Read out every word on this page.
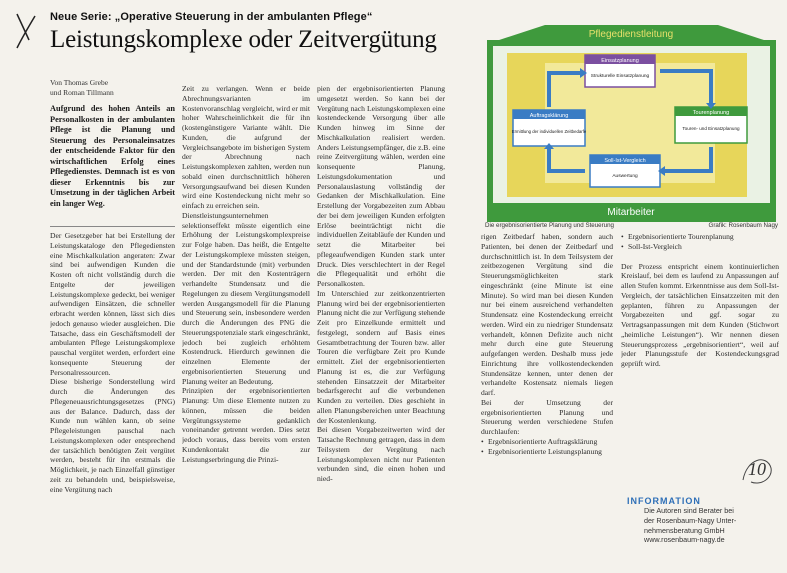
Neue Serie: „Operative Steuerung in der ambulanten Pflege“
Leistungskomplexe oder Zeitvergütung
Von Thomas Grebe
und Roman Tillmann
Aufgrund des hohen Anteils an Personalkosten in der ambulanten Pflege ist die Planung und Steuerung des Personaleinsatzes der entscheidende Faktor für den wirtschaftlichen Erfolg eines Pflegedienstes. Demnach ist es von dieser Erkenntnis bis zur Umsetzung in der täglichen Arbeit ein langer Weg.

Der Gesetzgeber hat bei Erstellung der Leistungskataloge den Pflegediensten eine Mischkalkulation angeraten: Zwar sind bei aufwendigen Kunden die Kosten oft nicht vollständig durch die Entgelte der jeweiligen Leistungskomplexe gedeckt, bei weniger aufwendigen Einsätzen, die schneller erbracht werden können, lässt sich dies jedoch genauso wieder ausgleichen. Die Tatsache, dass ein Geschäftsmodell der ambulanten Pflege Leistungskomplexe pauschal vergütet werden, erfordert eine konsequente Steuerung der Personalressourcen.

Diese bisherige Sonderstellung wird durch die Änderungen des Pflegeneuausrichtungsgesetzes (PNG) aus der Balance. Dadurch, dass der Kunde nun wählen kann, ob seine Pflegeleistungen pauschal nach Leistungskomplexen oder entsprechend der tatsächlich benötigten Zeit vergütet werden, besteht für ihn erstmals die Möglichkeit, je nach Einzelfall günstiger zeit zu behandeln und, beispielsweise, eine Vergütung nach

Zeit zu verlangen. Wenn er beide Abrechnungsvarianten im Kostenvoranschlag vergleicht, wird er mit hoher Wahrscheinlichkeit die für ihn (kostengünstigere Variante wählt. Die Kunden, die aufgrund der Vergleichsangebote im bisherigen System der Abrechnung nach Leistungskomplexen zahlten, werden nun sobald einen durchschnittlich höheren Versorgungsaufwand bei diesen Kunden wird eine Kostendeckung nicht mehr so einfach zu erreichen sein.

Dienstleistungsunternehmen selektionseffekt müsste eigentlich eine Erhöhung der Leistungskomplexpreise zur Folge haben. Das heißt, die Entgelte der Leistungskomplexe müssten steigen, und der Standardstunde (mit) verbunden werden. Der mit den Kostenträgern verhandelte Stundensatz und die Regelungen zu diesem Vergütungsmodell werden Ausgangsmodell für die Planung und Steuerung sein, insbesondere werden durch die Änderungen des PNG die Steuerungspotenziale stark eingeschränkt, jedoch bei zugleich erhöhtem Kostendruck. Hierdurch gewinnen die einzelnen Elemente der ergebnisorientierten Steuerung und Planung weiter an Bedeutung.

Prinzipien der ergebnisorientierten Planung: Um diese Elemente nutzen zu können, müssen die beiden Vergütungssysteme gedanklich voneinander getrennt werden. Dies setzt jedoch voraus, dass bereits vom ersten Kundenkontakt die zur Leistungserbringung die Prinzi-

pien der ergebnisorientierten Planung umgesetzt werden. So kann bei der Vergütung nach Leistungskomplexen eine kostendeckende Versorgung über alle Kunden hinweg im Sinne der Mischkalkulation realisiert werden. Anders Leistungsempfänger, die z.B. eine reine Zeitvergütung wählen, werden eine konsequente Planung, Leistungsdokumentation und Personalauslastung vollständig der Gedanken der Mischkalkulation. Eine Erstellung der Vorgabezeiten zum Abbau der bei dem jeweiligen Kunden erfolgten Erlöse beeinträchtigt nicht die individuellen Zeitabläufe der Kunden und setzt die Mitarbeiter bei pflegeaufwendigen Kunden stark unter Druck. Dies verschlechtert in der Regel die Pflegequalität und erhöht die Personalkosten.

Im Unterschied zur zeitkonzentrierten Planung wird bei der ergebnisorientierten Planung nicht die zur Verfügung stehende Zeit pro Einzelkunde ermittelt und festgelegt, sondern auf Basis eines Gesamtbetrachtung der Touren bzw. aller Touren die verfügbare Zeit pro Kunde ermittelt. Ziel der ergebnisorientierten Planung ist es, die zur Verfügung stehenden Einsatzzeit der Mitarbeiter bedarfsgerecht auf die verbundenen Kunden zu verteilen. Dies geschieht in allen Planungsbereichen unter Beachtung der Kostenlenkung.

Bei diesen Vorgabezeitwerten wird der Tatsache Rechnung getragen, dass in dem Teilsystem der Vergütung nach Leistungskomplexen nicht nur Patienten verbunden sind, die einen hohen und nied-

Pflegedienstleitung
Mitarbeiter
Einsatzplanung
Strukturelle Einsatzplanung
Auftragsklärung
Ermittlung der individuellen Zeitbedarfe
Tourenplanung
Touren- und Einsatzplanung
Soll-Ist-Vergleich
Auswertung
Die ergebnisorientierte Planung und Steuerung	Grafik: Rosenbaum Nagy

rigen Zeitbedarf haben, sondern auch Patienten, bei denen der Zeitbedarf und durchschnittlich ist. In dem Teilsystem der zeitbezogenen Vergütung sind die Steuerungsmöglichkeiten stark eingeschränkt (eine Minute ist eine Minute). So wird man bei diesen Kunden nur bei einem ausreichend verhandelten Stundensatz eine Kostendeckung erreicht werden. Wird ein zu niedriger Stundensatz verhandelt, können Defizite auch nicht mehr durch eine gute Steuerung aufgefangen werden. Deshalb muss jede Einrichtung ihre vollkostendeckenden Stundensätze kennen, unter denen der verhandelte Kostensatz niemals liegen darf.

Bei der Umsetzung der ergebnisorientierten Planung und Steuerung werden verschiedene Stufen durchlaufen:

• Ergebnisorientierte Auftragsklärung
• Ergebnisorientierte Leistungsplanung
• Ergebnisorientierte Tourenplanung
• Soll-Ist-Vergleich

Der Prozess entspricht einem kontinuierlichen Kreislauf, bei dem es laufend zu Anpassungen auf allen Stufen kommt. Erkenntnisse aus dem Soll-Ist-Vergleich, der tatsächlichen Einsatzzeiten mit den geplanten, führen zu Anpassungen der Vorgabezeiten und ggf. sogar zu Vertragsanpassungen mit dem Kunden (Stichwort „heimliche Leistungen“). Wir nennen diesen Steuerungsprozess „ergebnisorientiert“, weil auf jeder Planungsstufe der Kostendeckungsgrad geprüft wird.

10
INFORMATION
Die Autoren sind Berater bei
der Rosenbaum-Nagy Unter-
nehmensberatung GmbH
www.rosenbaum-nagy.de
